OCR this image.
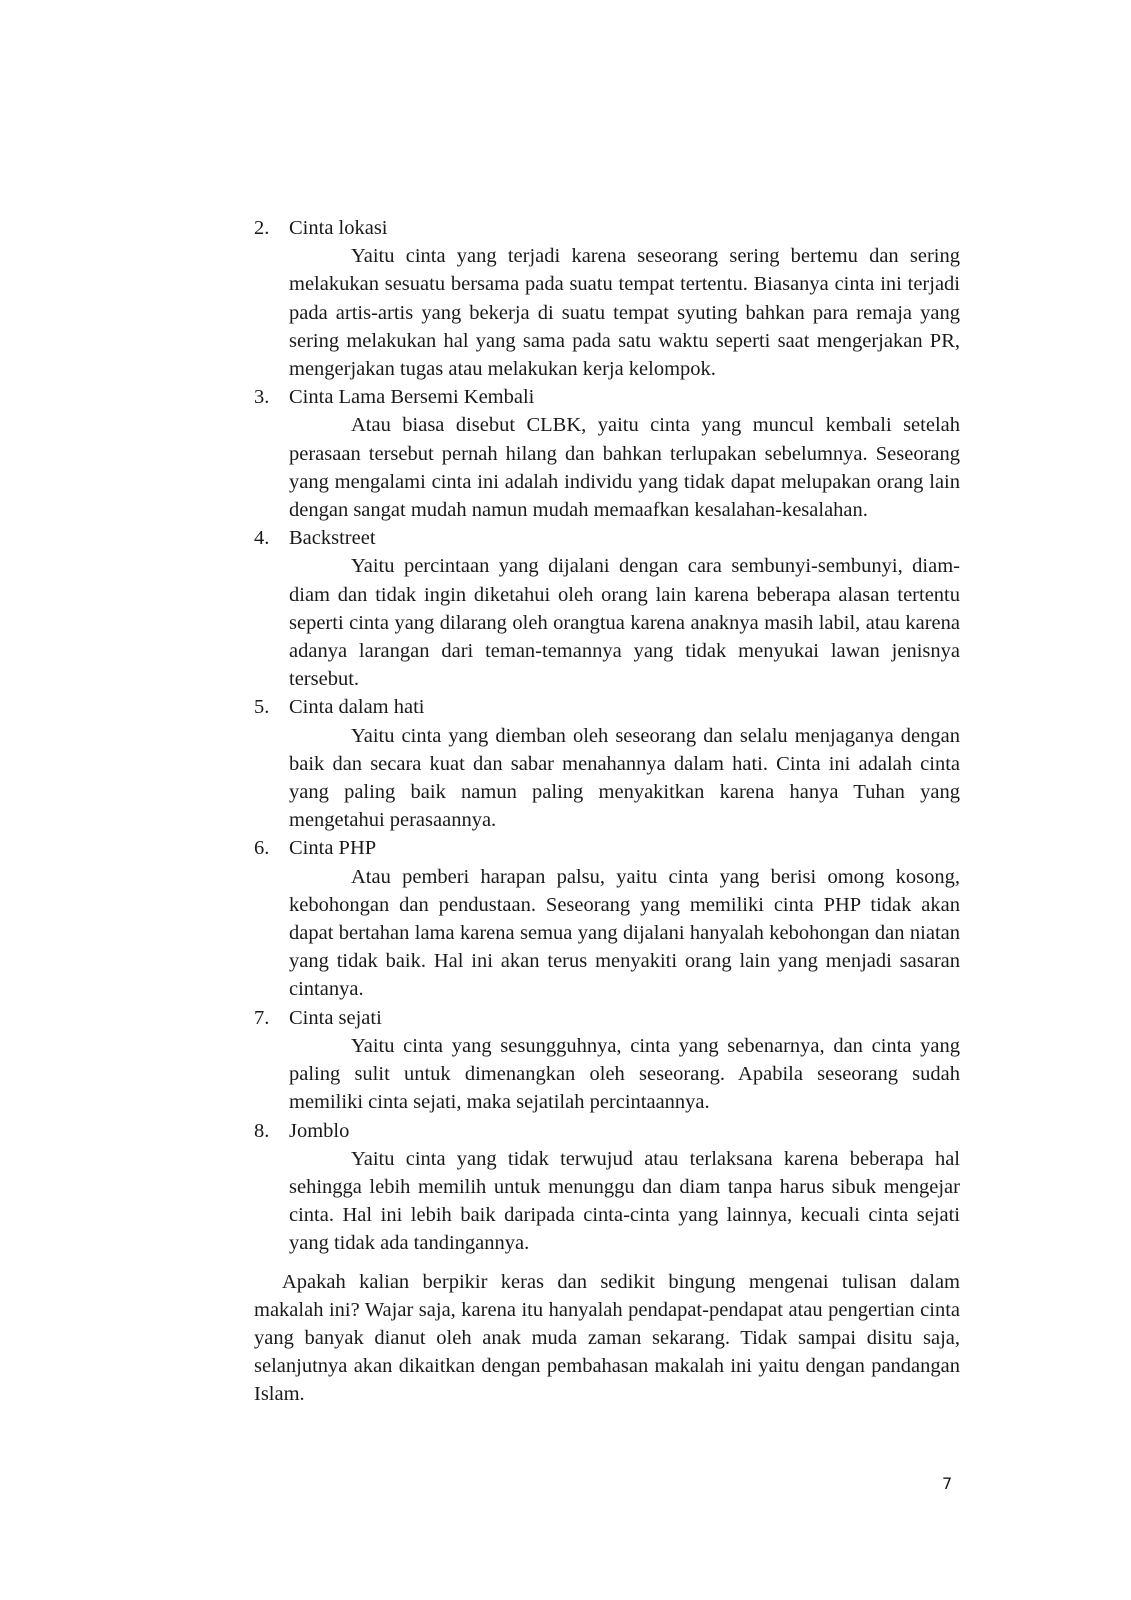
2. Cinta lokasi
Yaitu cinta yang terjadi karena seseorang sering bertemu dan sering melakukan sesuatu bersama pada suatu tempat tertentu. Biasanya cinta ini terjadi pada artis-artis yang bekerja di suatu tempat syuting bahkan para remaja yang sering melakukan hal yang sama pada satu waktu seperti saat mengerjakan PR, mengerjakan tugas atau melakukan kerja kelompok.
3. Cinta Lama Bersemi Kembali
Atau biasa disebut CLBK, yaitu cinta yang muncul kembali setelah perasaan tersebut pernah hilang dan bahkan terlupakan sebelumnya. Seseorang yang mengalami cinta ini adalah individu yang tidak dapat melupakan orang lain dengan sangat mudah namun mudah memaafkan kesalahan-kesalahan.
4. Backstreet
Yaitu percintaan yang dijalani dengan cara sembunyi-sembunyi, diam-diam dan tidak ingin diketahui oleh orang lain karena beberapa alasan tertentu seperti cinta yang dilarang oleh orangtua karena anaknya masih labil, atau karena adanya larangan dari teman-temannya yang tidak menyukai lawan jenisnya tersebut.
5. Cinta dalam hati
Yaitu cinta yang diemban oleh seseorang dan selalu menjaganya dengan baik dan secara kuat dan sabar menahannya dalam hati. Cinta ini adalah cinta yang paling baik namun paling menyakitkan karena hanya Tuhan yang mengetahui perasaannya.
6. Cinta PHP
Atau pemberi harapan palsu, yaitu cinta yang berisi omong kosong, kebohongan dan pendustaan. Seseorang yang memiliki cinta PHP tidak akan dapat bertahan lama karena semua yang dijalani hanyalah kebohongan dan niatan yang tidak baik. Hal ini akan terus menyakiti orang lain yang menjadi sasaran cintanya.
7. Cinta sejati
Yaitu cinta yang sesungguhnya, cinta yang sebenarnya, dan cinta yang paling sulit untuk dimenangkan oleh seseorang. Apabila seseorang sudah memiliki cinta sejati, maka sejatilah percintaannya.
8. Jomblo
Yaitu cinta yang tidak terwujud atau terlaksana karena beberapa hal sehingga lebih memilih untuk menunggu dan diam tanpa harus sibuk mengejar cinta. Hal ini lebih baik daripada cinta-cinta yang lainnya, kecuali cinta sejati yang tidak ada tandingannya.

Apakah kalian berpikir keras dan sedikit bingung mengenai tulisan dalam makalah ini? Wajar saja, karena itu hanyalah pendapat-pendapat atau pengertian cinta yang banyak dianut oleh anak muda zaman sekarang. Tidak sampai disitu saja, selanjutnya akan dikaitkan dengan pembahasan makalah ini yaitu dengan pandangan Islam.

7
